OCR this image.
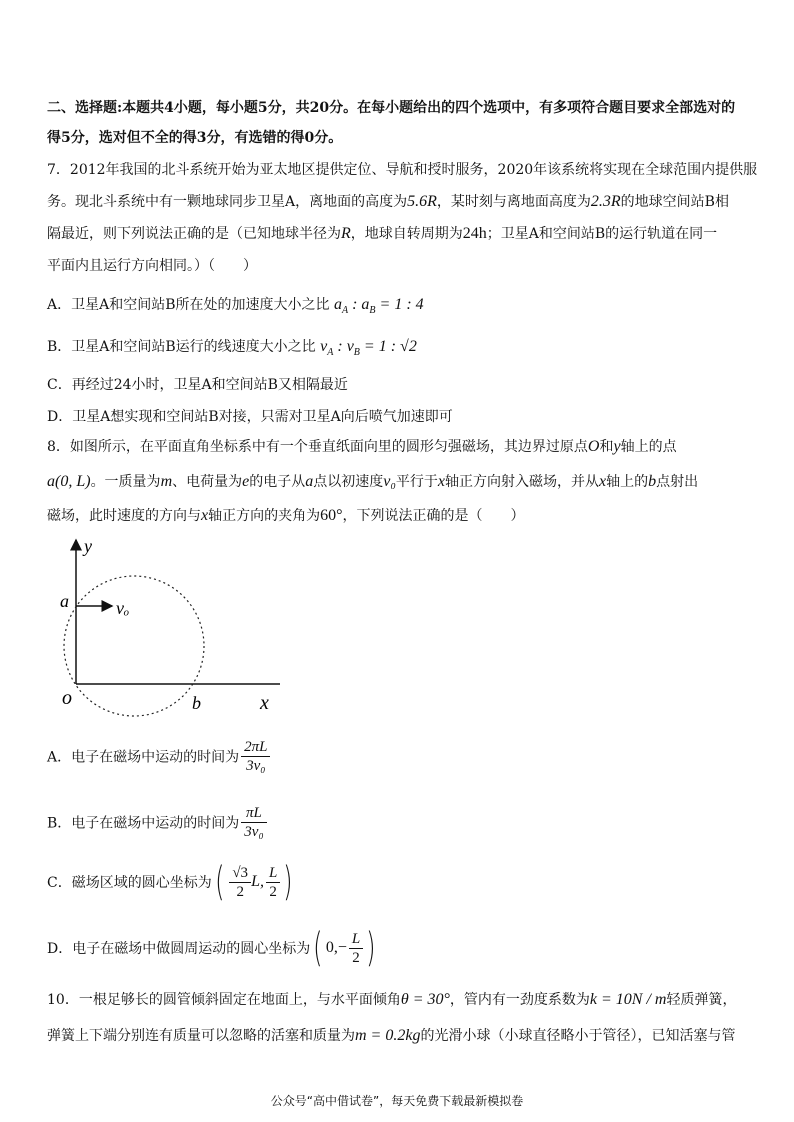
二、选择题:本题共4小题，每小题5分，共20分。在每小题给出的四个选项中，有多项符合题目要求全部选对的
得5分，选对但不全的得3分，有选错的得0分。
7．2012年我国的北斗系统开始为亚太地区提供定位、导航和授时服务，2020年该系统将实现在全球范围内提供服
务。现北斗系统中有一颗地球同步卫星A，离地面的高度为5.6R，某时刻与离地面高度为2.3R的地球空间站B相
隔最近，则下列说法正确的是（已知地球半径为R，地球自转周期为24h；卫星A和空间站B的运行轨道在同一
平面内且运行方向相同。）（　　）
A．卫星A和空间站B所在处的加速度大小之比 $a_A$ : $a_B = 1$ : 4
B．卫星A和空间站B运行的线速度大小之比 $v_A$ : $v_B = 1$ : √2
C．再经过24小时，卫星A和空间站B又相隔最近
D．卫星A想实现和空间站B对接，只需对卫星A向后喷气加速即可
8．如图所示，在平面直角坐标系中有一个垂直纸面向里的圆形匀强磁场，其边界过原点O和y轴上的点
a(0, L)。一质量为m、电荷量为e的电子从a点以初速度v₀平行于x轴正方向射入磁场，并从x轴上的b点射出
磁场，此时速度的方向与x轴正方向的夹角为60°，下列说法正确的是（　　）
y
a	vₒ
o	b	x
A．电子在磁场中运动的时间为 $\frac{2\pi L}{\text{3v₀}}$
B．电子在磁场中运动的时间为 $\frac{\pi L}{\text{3v₀}}$
C．磁场区域的圆心坐标为( $\frac{√3}{2} L$, $\frac{L}{2}$ )
D．电子在磁场中做圆周运动的圆心坐标为( $0,- \frac{L}{2}$ )
10．一根足够长的圆管倾斜固定在地面上，与水平面倾角θ = 30°，管内有一劲度系数为k = 10N / m轻质弹簧，
弹簧上下端分别连有质量可以忽略的活塞和质量为m = 0.2kg的光滑小球（小球直径略小于管径），已知活塞与管
公众号“高中借试卷”，每天免费下载最新模拟卷
